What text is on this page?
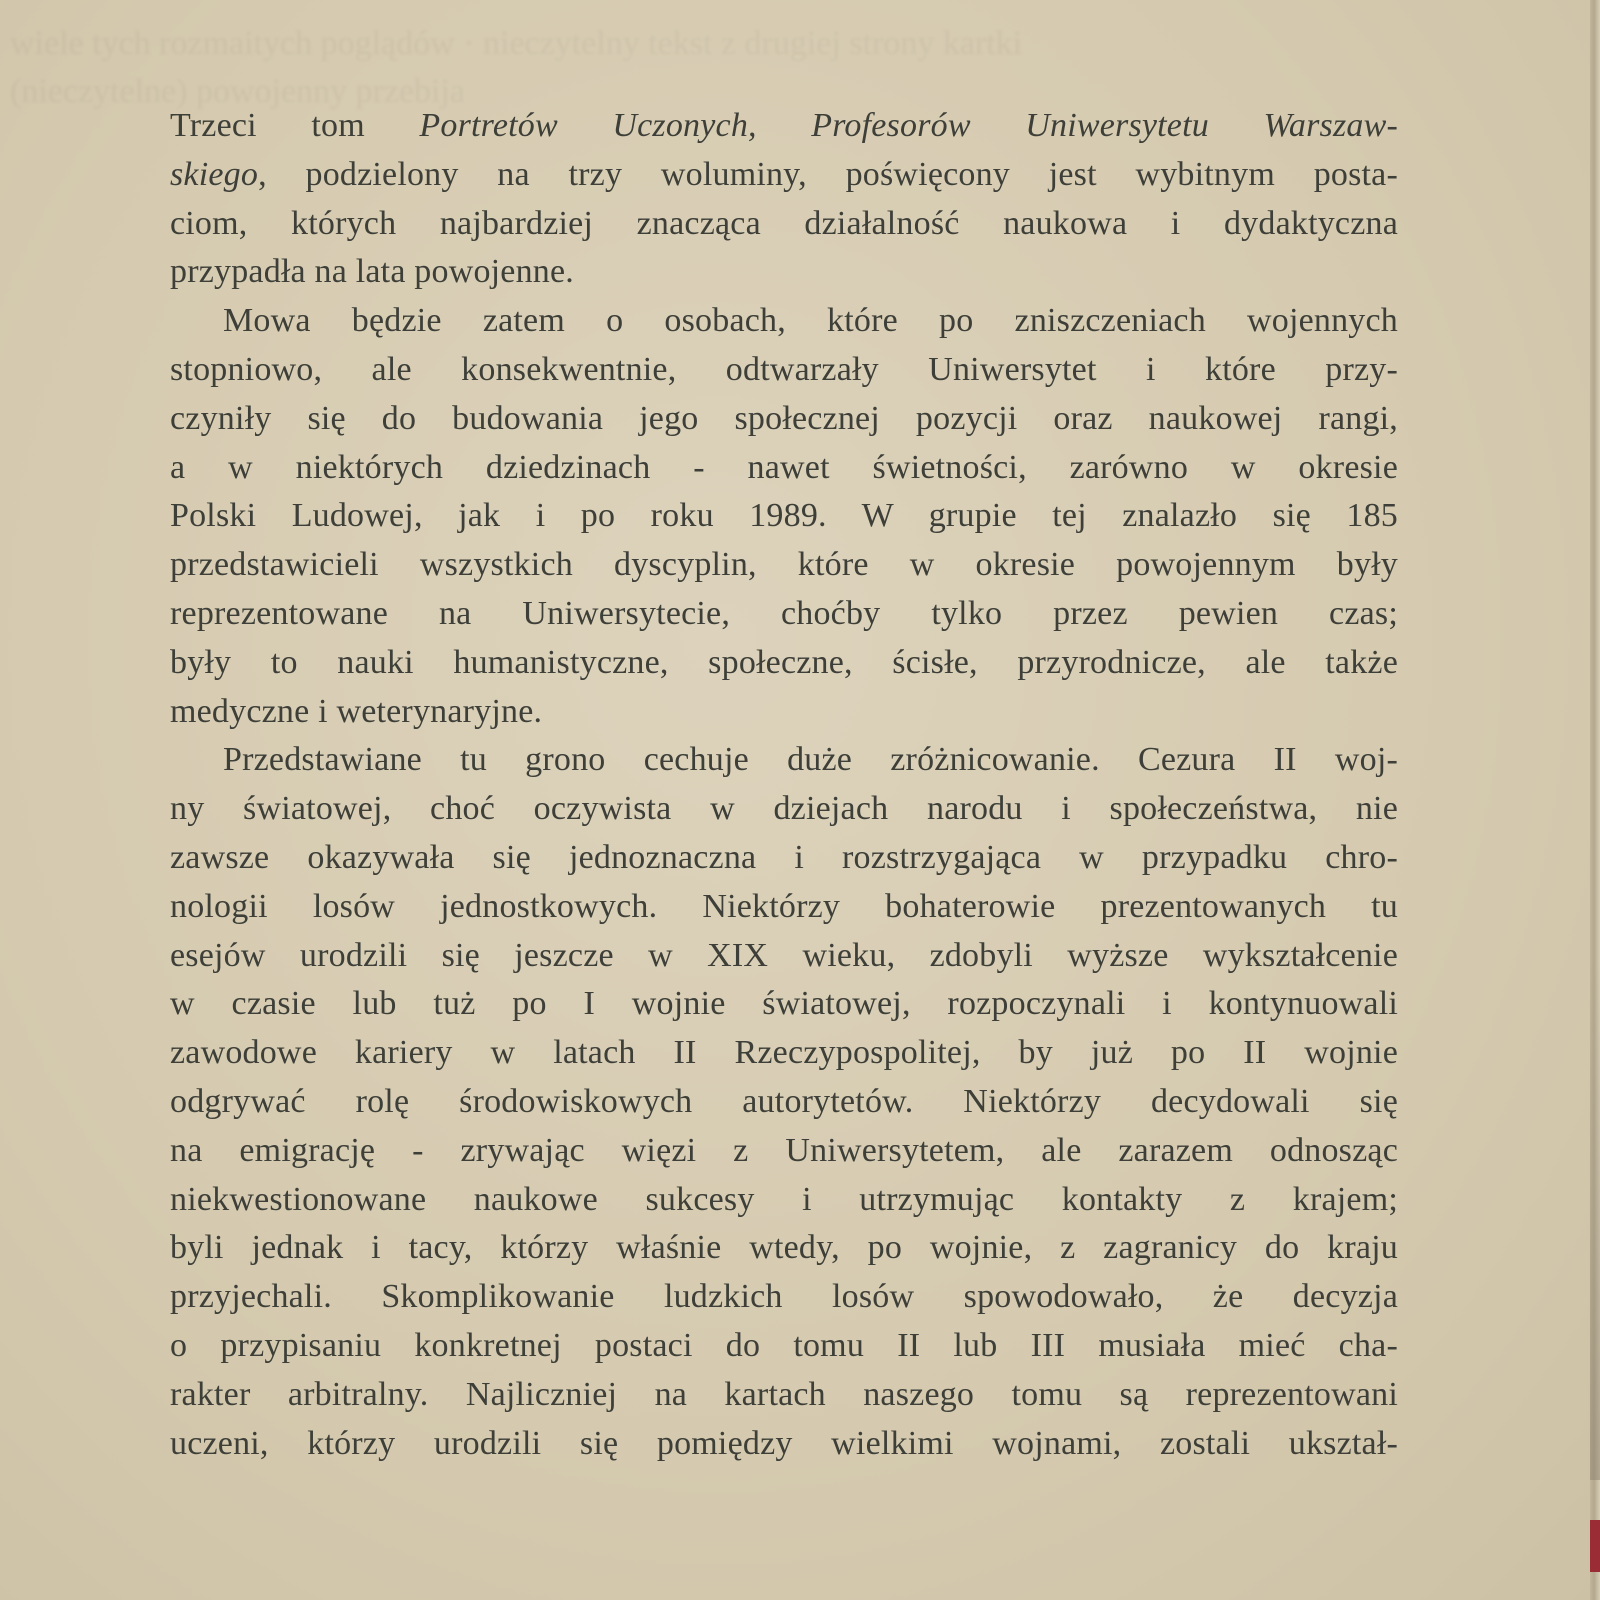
wiele tych rozmaitych poglądów · nieczytelny tekst z drugiej strony kartki
(nieczytelne) powojenny przebija
Trzeci tom Portretów Uczonych, Profesorów Uniwersytetu Warszaw-
skiego, podzielony na trzy woluminy, poświęcony jest wybitnym posta-
ciom, których najbardziej znacząca działalność naukowa i dydaktyczna
przypadła na lata powojenne.
Mowa będzie zatem o osobach, które po zniszczeniach wojennych
stopniowo, ale konsekwentnie, odtwarzały Uniwersytet i które przy-
czyniły się do budowania jego społecznej pozycji oraz naukowej rangi,
a w niektórych dziedzinach - nawet świetności, zarówno w okresie
Polski Ludowej, jak i po roku 1989. W grupie tej znalazło się 185
przedstawicieli wszystkich dyscyplin, które w okresie powojennym były
reprezentowane na Uniwersytecie, choćby tylko przez pewien czas;
były to nauki humanistyczne, społeczne, ścisłe, przyrodnicze, ale także
medyczne i weterynaryjne.
Przedstawiane tu grono cechuje duże zróżnicowanie. Cezura II woj-
ny światowej, choć oczywista w dziejach narodu i społeczeństwa, nie
zawsze okazywała się jednoznaczna i rozstrzygająca w przypadku chro-
nologii losów jednostkowych. Niektórzy bohaterowie prezentowanych tu
esejów urodzili się jeszcze w XIX wieku, zdobyli wyższe wykształcenie
w czasie lub tuż po I wojnie światowej, rozpoczynali i kontynuowali
zawodowe kariery w latach II Rzeczypospolitej, by już po II wojnie
odgrywać rolę środowiskowych autorytetów. Niektórzy decydowali się
na emigrację - zrywając więzi z Uniwersytetem, ale zarazem odnosząc
niekwestionowane naukowe sukcesy i utrzymując kontakty z krajem;
byli jednak i tacy, którzy właśnie wtedy, po wojnie, z zagranicy do kraju
przyjechali. Skomplikowanie ludzkich losów spowodowało, że decyzja
o przypisaniu konkretnej postaci do tomu II lub III musiała mieć cha-
rakter arbitralny. Najliczniej na kartach naszego tomu są reprezentowani
uczeni, którzy urodzili się pomiędzy wielkimi wojnami, zostali ukształ-
